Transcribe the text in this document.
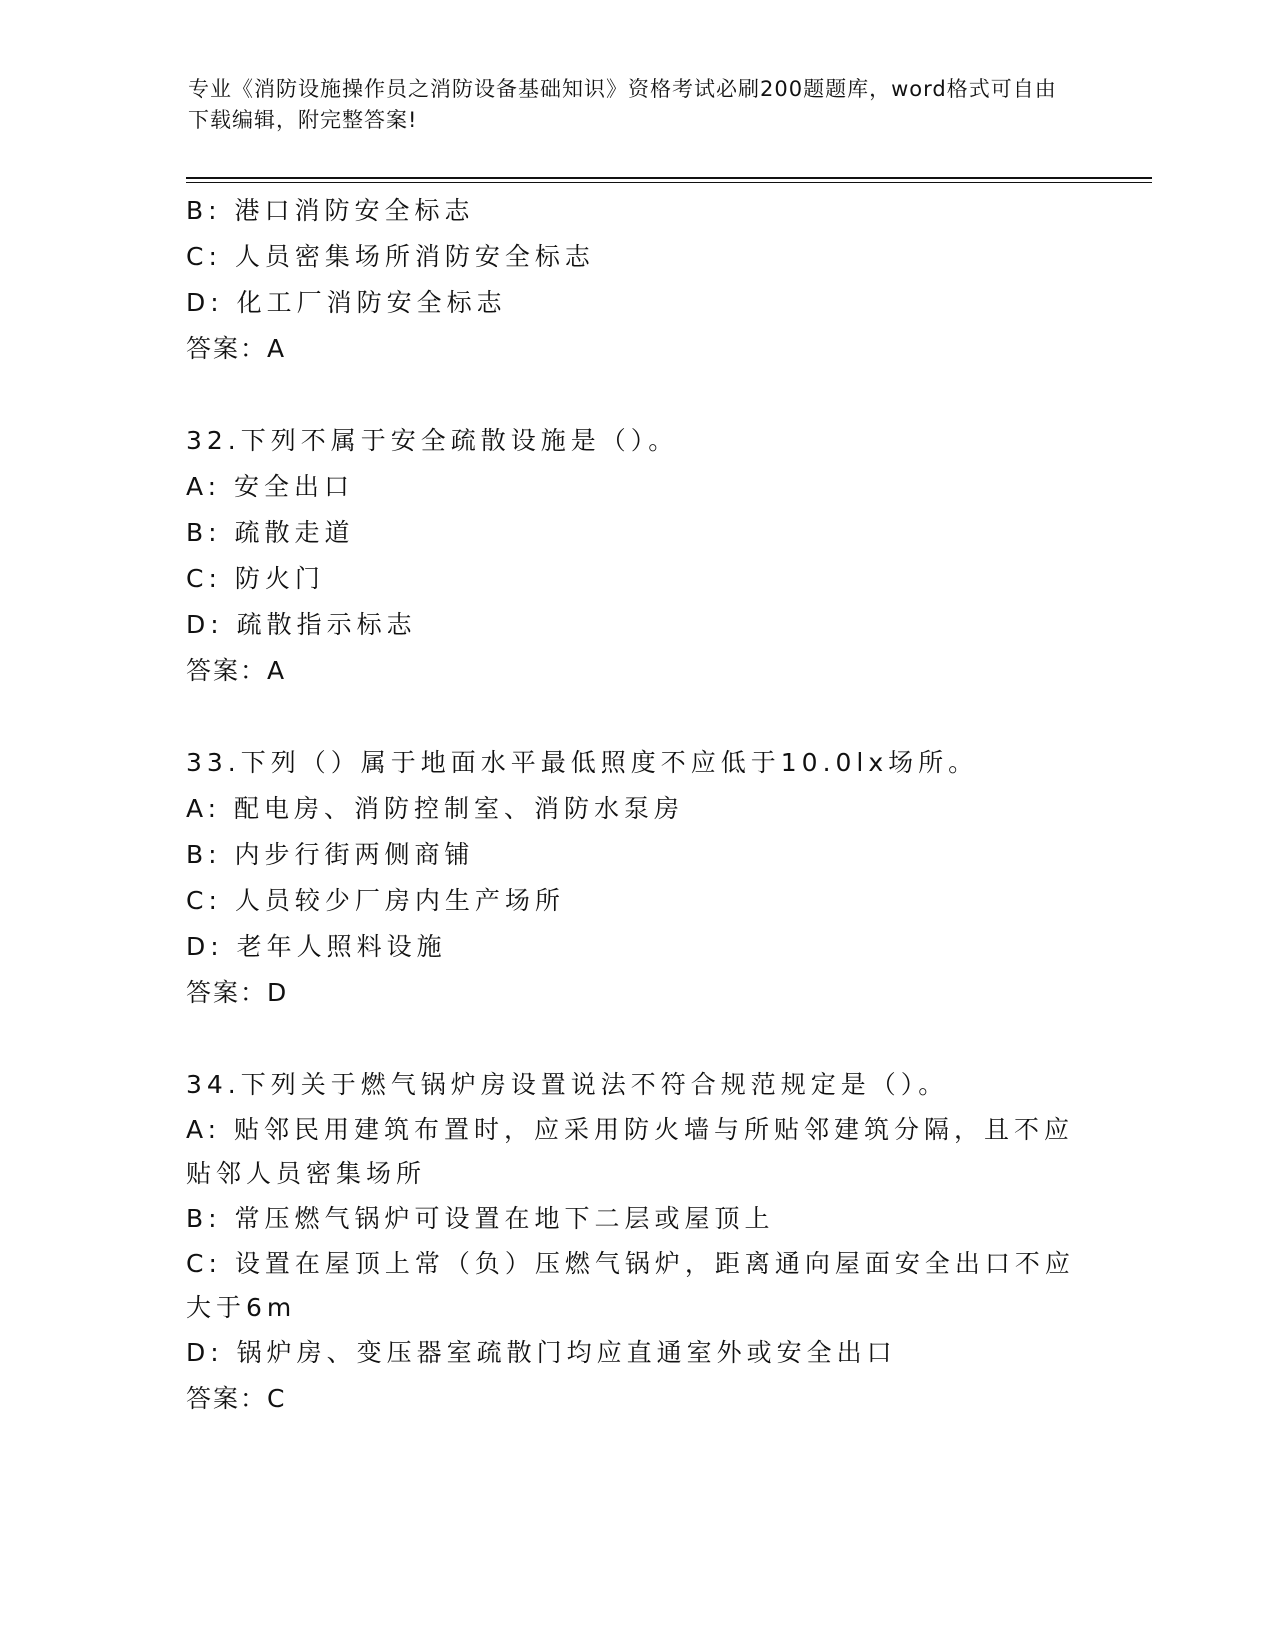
专业《消防设施操作员之消防设备基础知识》资格考试必刷200题题库，word格式可自由下载编辑，附完整答案!
B: 港口消防安全标志
C: 人员密集场所消防安全标志
D: 化工厂消防安全标志
答案：A
32.下列不属于安全疏散设施是（）。
A: 安全出口
B: 疏散走道
C: 防火门
D: 疏散指示标志
答案：A
33.下列（）属于地面水平最低照度不应低于10.0lx场所。
A: 配电房、消防控制室、消防水泵房
B: 内步行街两侧商铺
C: 人员较少厂房内生产场所
D: 老年人照料设施
答案：D
34.下列关于燃气锅炉房设置说法不符合规范规定是（）。
A: 贴邻民用建筑布置时，应采用防火墙与所贴邻建筑分隔，且不应贴邻人员密集场所
B: 常压燃气锅炉可设置在地下二层或屋顶上
C: 设置在屋顶上常（负）压燃气锅炉，距离通向屋面安全出口不应大于6m
D: 锅炉房、变压器室疏散门均应直通室外或安全出口
答案：C
